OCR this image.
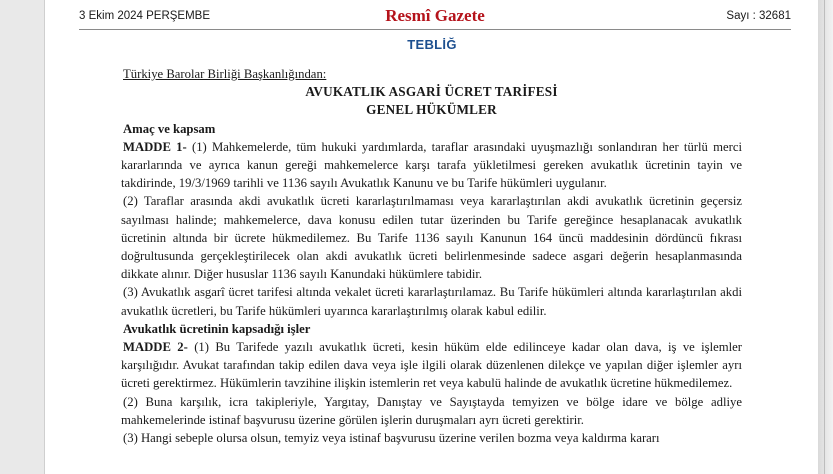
3 Ekim 2024 PERŞEMBE	Resmî Gazete	Sayı : 32681
TEBLİĞ
Türkiye Barolar Birliği Başkanlığından:
AVUKATLIK ASGARİ ÜCRET TARİFESİ
GENEL HÜKÜMLER
Amaç ve kapsam
MADDE 1- (1) Mahkemelerde, tüm hukuki yardımlarda, taraflar arasındaki uyuşmazlığı sonlandıran her türlü merci kararlarında ve ayrıca kanun gereği mahkemelerce karşı tarafa yükletilmesi gereken avukatlık ücretinin tayin ve takdirinde, 19/3/1969 tarihli ve 1136 sayılı Avukatlık Kanunu ve bu Tarife hükümleri uygulanır.
(2) Taraflar arasında akdi avukatlık ücreti kararlaştırılmaması veya kararlaştırılan akdi avukatlık ücretinin geçersiz sayılması halinde; mahkemelerce, dava konusu edilen tutar üzerinden bu Tarife gereğince hesaplanacak avukatlık ücretinin altında bir ücrete hükmedilemez. Bu Tarife 1136 sayılı Kanunun 164 üncü maddesinin dördüncü fıkrası doğrultusunda gerçekleştirilecek olan akdi avukatlık ücreti belirlenmesinde sadece asgari değerin hesaplanmasında dikkate alınır. Diğer hususlar 1136 sayılı Kanundaki hükümlere tabidir.
(3) Avukatlık asgarî ücret tarifesi altında vekalet ücreti kararlaştırılamaz. Bu Tarife hükümleri altında kararlaştırılan akdi avukatlık ücretleri, bu Tarife hükümleri uyarınca kararlaştırılmış olarak kabul edilir.
Avukatlık ücretinin kapsadığı işler
MADDE 2- (1) Bu Tarifede yazılı avukatlık ücreti, kesin hüküm elde edilinceye kadar olan dava, iş ve işlemler karşılığıdır. Avukat tarafından takip edilen dava veya işle ilgili olarak düzenlenen dilekçe ve yapılan diğer işlemler ayrı ücreti gerektirmez. Hükümlerin tavzihine ilişkin istemlerin ret veya kabulü halinde de avukatlık ücretine hükmedilemez.
(2) Buna karşılık, icra takipleriyle, Yargıtay, Danıştay ve Sayıştayda temyizen ve bölge idare ve bölge adliye mahkemelerinde istinaf başvurusu üzerine görülen işlerin duruşmaları ayrı ücreti gerektirir.
(3) Hangi sebeple olursa olsun, temyiz veya istinaf başvurusu üzerine verilen bozma veya kaldırma kararı
